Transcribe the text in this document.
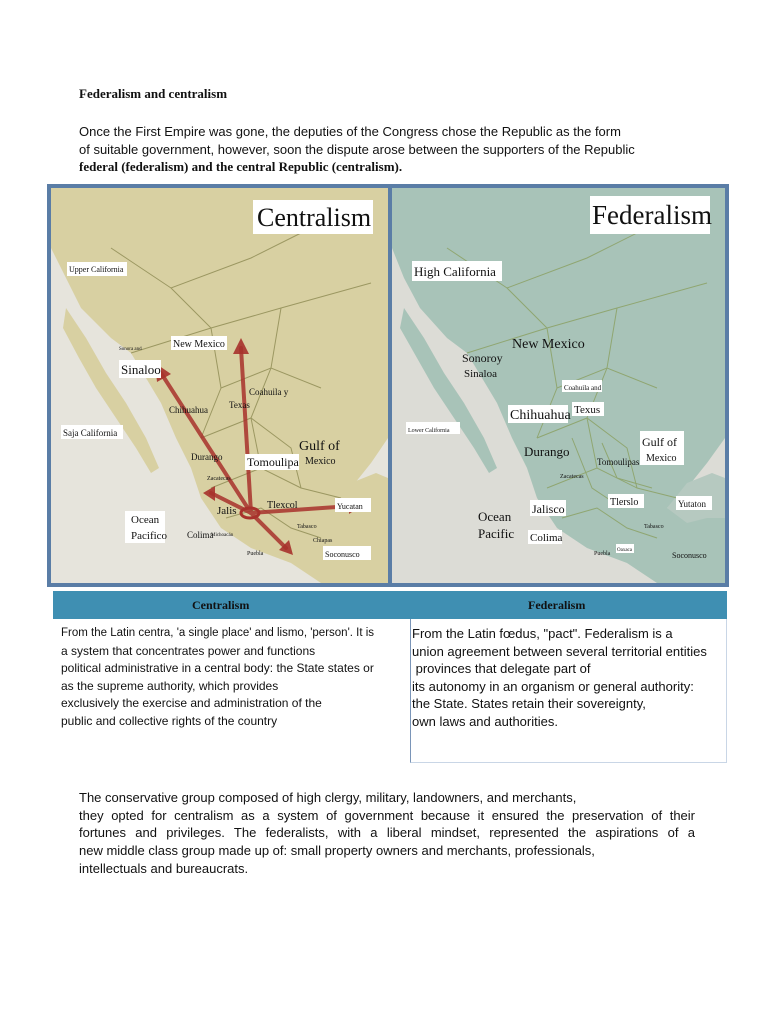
Federalism and centralism
Once the First Empire was gone, the deputies of the Congress chose the Republic as the form
of suitable government, however, soon the dispute arose between the supporters of the Republic
federal (federalism) and the central Republic (centralism).
Centralism
Upper California
New Mexico
Sinaloo
Sonora and
Coahuila y
Texas
Chihuahua
Saja California
Gulf of
Mexico
Tomoulipa
Durango
Zacatecas
Jalis	Tlexcol	Yucatan
Ocean
Pacifico Colima
Michoacán
Puebla
Chiapas
Tabasco
Soconusco
Federalism
High California
New Mexico
Sonoroy
Sinaloa
Coahuila and
Texus
Chihuahua
Lower California
Gulf of
Mexico
Durango
Tomoulipas
Jalisco	Tlerslo	Yutaton
Ocean
Pacific Colima
Oaxaca
Puebla
Zacatecas
Tabasco
Soconusco
Centralism	Federalism
From the Latin centra, 'a single place' and lismo, 'person'. It is
a system that concentrates power and functions
political administrative in a central body: the State states or
as the supreme authority, which provides
exclusively the exercise and administration of the
public and collective rights of the country
From the Latin fœdus, "pact". Federalism is a
union agreement between several territorial entities
provinces that delegate part of
its autonomy in an organism or general authority:
the State. States retain their sovereignty,
own laws and authorities.
The conservative group composed of high clergy, military, landowners, and merchants,
they opted for centralism as a system of government because it ensured the preservation of their
fortunes and privileges. The federalists, with a liberal mindset, represented the aspirations of a
new middle class group made up of: small property owners and merchants, professionals,
intellectuals and bureaucrats.
